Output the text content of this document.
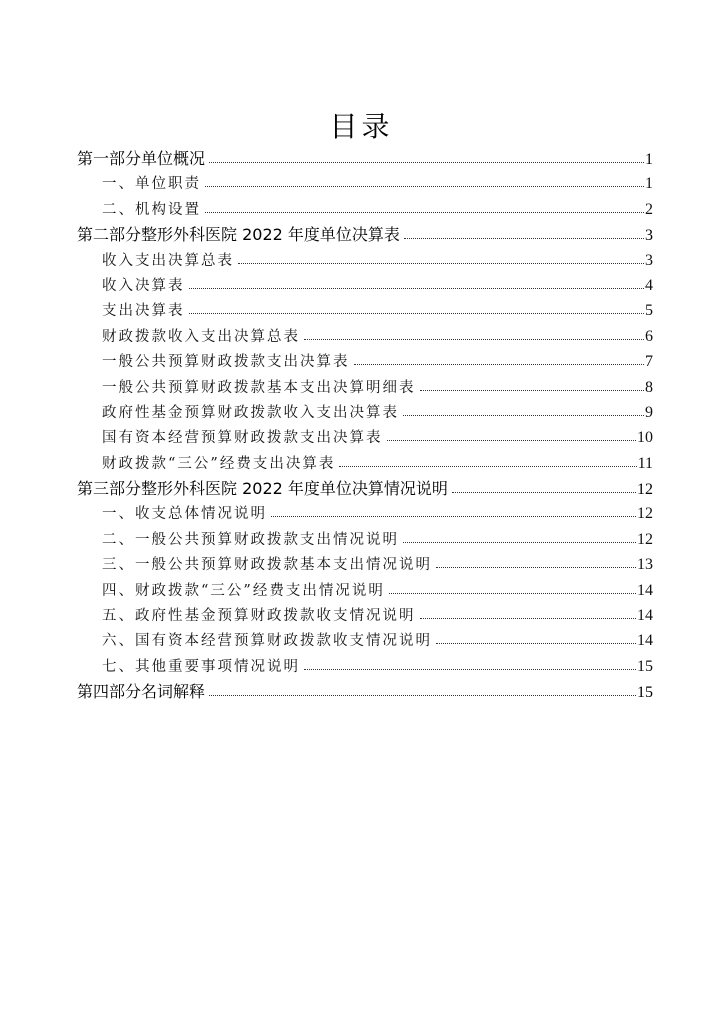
目录
第一部分单位概况	1
一、单位职责	1
二、机构设置	2
第二部分整形外科医院 2022 年度单位决算表	3
收入支出决算总表	3
收入决算表	4
支出决算表	5
财政拨款收入支出决算总表	6
一般公共预算财政拨款支出决算表	7
一般公共预算财政拨款基本支出决算明细表	8
政府性基金预算财政拨款收入支出决算表	9
国有资本经营预算财政拨款支出决算表	10
财政拨款“三公”经费支出决算表	11
第三部分整形外科医院 2022 年度单位决算情况说明	12
一、收支总体情况说明	12
二、一般公共预算财政拨款支出情况说明	12
三、一般公共预算财政拨款基本支出情况说明	13
四、财政拨款“三公”经费支出情况说明	14
五、政府性基金预算财政拨款收支情况说明	14
六、国有资本经营预算财政拨款收支情况说明	14
七、其他重要事项情况说明	15
第四部分名词解释	15
